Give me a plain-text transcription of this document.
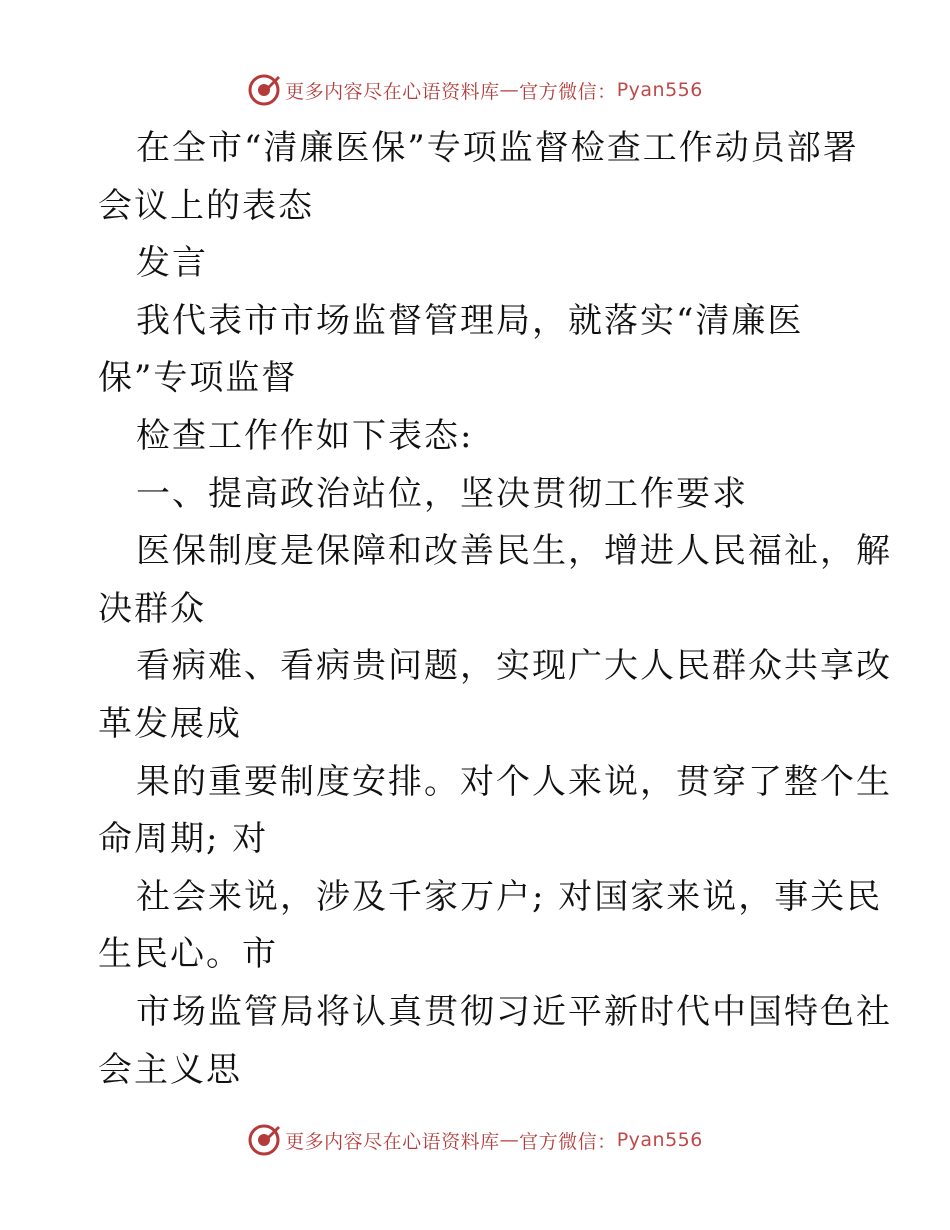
更多内容尽在心语资料库 — 官方微信： Pyan556
在全市“清廉医保”专项监督检查工作动员部署
会议上的表态
发言
我代表市市场监督管理局，就落实“清廉医
保”专项监督
检查工作作如下表态:
一、提高政治站位，坚决贯彻工作要求
医保制度是保障和改善民生，增进人民福祉，解
决群众
看病难、看病贵问题，实现广大人民群众共享改
革发展成
果的重要制度安排。对个人来说，贯穿了整个生
命周期; 对
社会来说，涉及千家万户; 对国家来说，事关民
生民心。市
市场监管局将认真贯彻习近平新时代中国特色社
会主义思
更多内容尽在心语资料库 — 官方微信： Pyan556
